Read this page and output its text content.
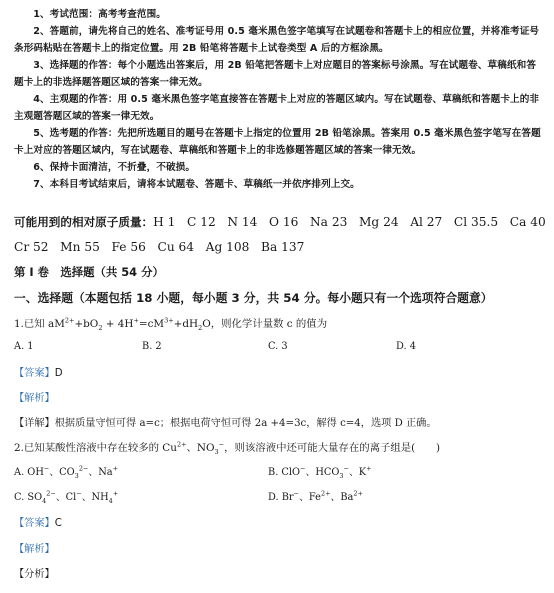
1、考试范围：高考考查范围。

2、答题前，请先将自己的姓名、准考证号用 0.5 毫米黑色签字笔填写在试题卷和答题卡上的相应位置，并将准考证号条形码粘贴在答题卡上的指定位置。用 2B 铅笔将答题卡上试卷类型 A 后的方框涂黑。

3、选择题的作答：每个小题选出答案后，用 2B 铅笔把答题卡上对应题目的答案标号涂黑。写在试题卷、草稿纸和答题卡上的非选择题答题区域的答案一律无效。

4、主观题的作答：用 0.5 毫米黑色签字笔直接答在答题卡上对应的答题区域内。写在试题卷、草稿纸和答题卡上的非主观题答题区域的答案一律无效。

5、选考题的作答：先把所选题目的题号在答题卡上指定的位置用 2B 铅笔涂黑。答案用 0.5 毫米黑色签字笔写在答题卡上对应的答题区域内，写在试题卷、草稿纸和答题卡上的非选修题答题区域的答案一律无效。

6、保持卡面清洁，不折叠，不破损。

7、本科目考试结束后，请将本试题卷、答题卡、草稿纸一并依序排列上交。

可能用到的相对原子质量：H 1   C 12   N 14   O 16   Na 23   Mg 24   Al 27   Cl 35.5   Ca 40
Cr 52   Mn 55   Fe 56   Cu 64   Ag 108   Ba 137
第 I 卷　选择题（共 54 分）
一、选择题（本题包括 18 小题，每小题 3 分，共 54 分。每小题只有一个选项符合题意）
1.已知 $aM^{2+}+bO_2 + 4H^+=cM^{3+}+dH_2O$，则化学计量数 c 的值为
A. 1	B. 2	C. 3	D. 4
【答案】D
【解析】
【详解】根据质量守恒可得 a=c；根据电荷守恒可得 2a +4=3c，解得 c=4，选项 D 正确。
2.已知某酸性溶液中存在较多的 $Cu^{2+}$、$NO_3^-$，则该溶液中还可能大量存在的离子组是(　　)
A. OH−、$CO_3^{2-}$、Na+	B. ClO−、$HCO_3^-$、K+
C. $SO_4^{2-}$、Cl−、$NH_4^+$	D. Br−、$Fe^{2+}$、$Ba^{2+}$
【答案】C
【解析】
【分析】
